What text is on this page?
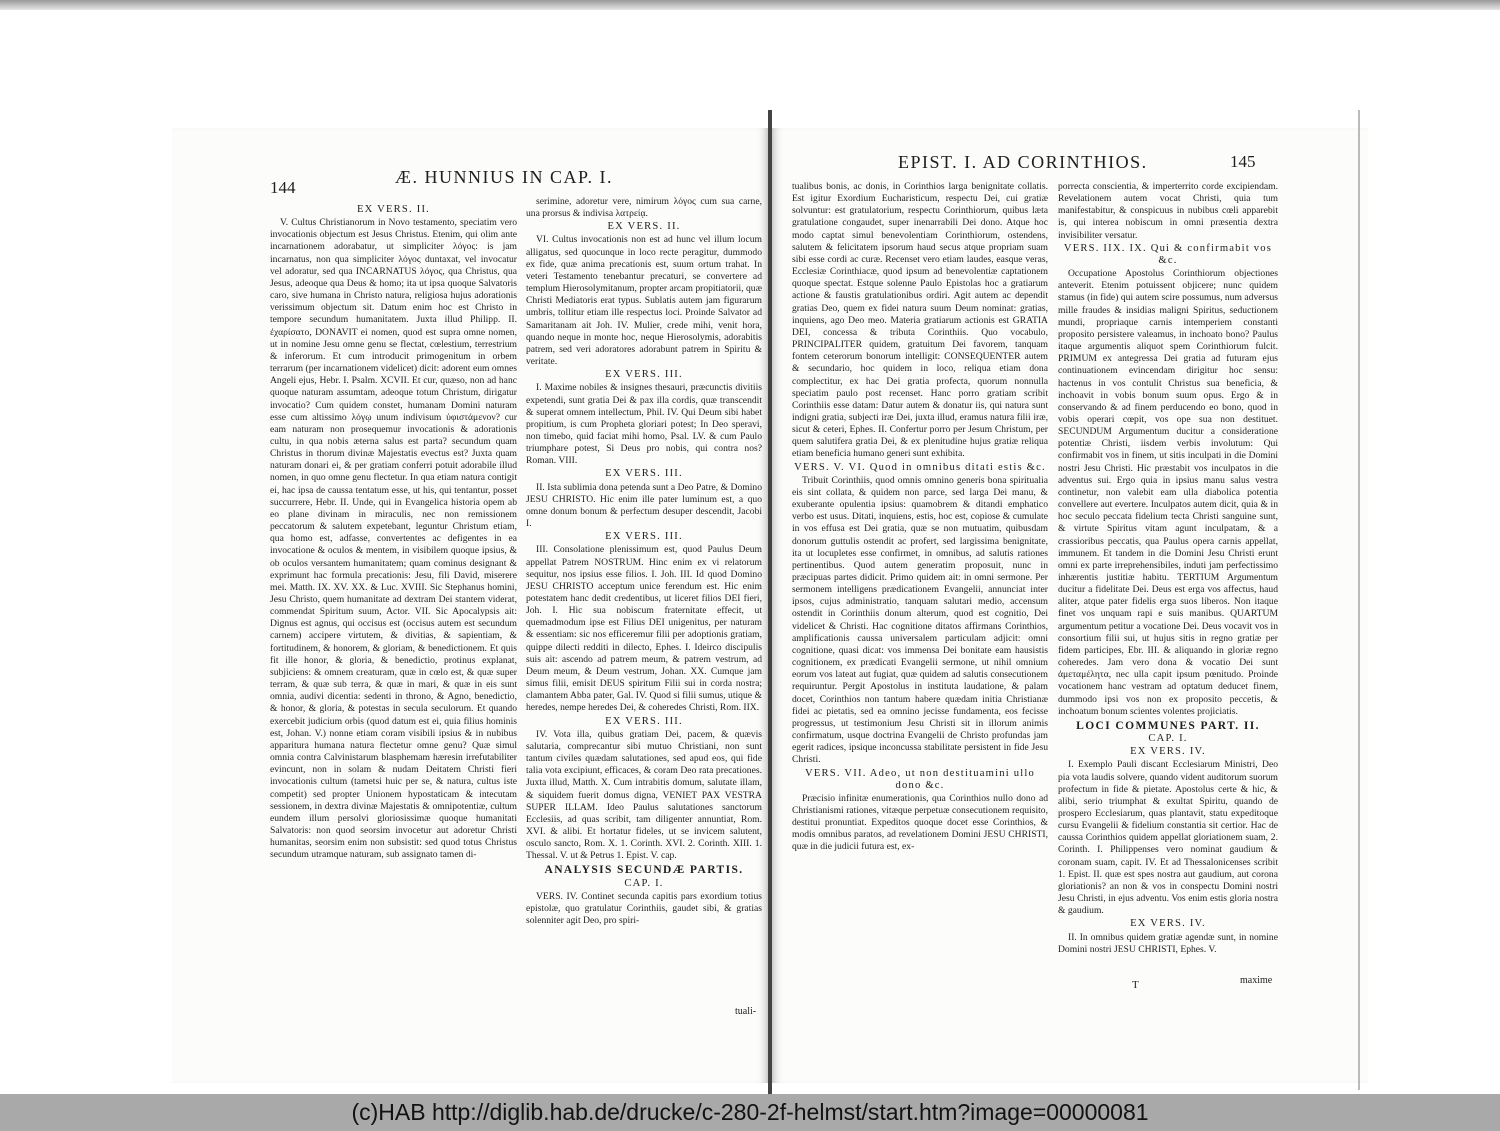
144
Æ. HUNNIUS IN CAP. I.
EX VERS. II.

V. Cultus Christianorum in Novo testamento, speciatim vero invocationis objectum est Jesus Christus. Etenim, qui olim ante incarnationem adorabatur, ut simpliciter λόγος: is jam incarnatus, non qua simpliciter λόγος duntaxat, vel invocatur vel adoratur, sed qua INCARNATUS λόγος, qua Christus, qua Jesus, adeoque qua Deus & homo; ita ut ipsa quoque Salvatoris caro, sive humana in Christo natura, religiosa hujus adorationis verissimum objectum sit. Datum enim hoc est Christo in tempore secundum humanitatem. Juxta illud Philipp. II. ἐχαρίσατο, DONAVIT ei nomen, quod est supra omne nomen, ut in nomine Jesu omne genu se flectat, cœlestium, terrestrium & inferorum. Et cum introducit primogenitum in orbem terrarum (per incarnationem videlicet) dicit: adorent eum omnes Angeli ejus, Hebr. I. Psalm. XCVII. Et cur, quæso, non ad hanc quoque naturam assumtam, adeoque totum Christum, dirigatur invocatio? Cum quidem constet, humanam Domini naturam esse cum altissimo λόγῳ unum indivisum ὑφιστάμενον? cur eam naturam non prosequemur invocationis & adorationis cultu, in qua nobis æterna salus est parta? secundum quam Christus in thorum divinæ Majestatis evectus est? Juxta quam naturam donari ei, & per gratiam conferri potuit adorabile illud nomen, in quo omne genu flectetur. In qua etiam natura contigit ei, hac ipsa de caussa tentatum esse, ut his, qui tentantur, posset succurrere, Hebr. II. Unde, qui in Evangelica historia opem ab eo plane divinam in miraculis, nec non remissionem peccatorum & salutem expetebant, leguntur Christum etiam, qua homo est, adfasse, convertentes ac defigentes in ea invocatione & oculos & mentem, in visibilem quoque ipsius, & ob oculos versantem humanitatem; quam cominus designant & exprimunt hac formula precationis: Jesu, fili David, miserere mei. Matth. IX. XV. XX. & Luc. XVIII. Sic Stephanus homini, Jesu Christo, quem humanitate ad dextram Dei stantem viderat, commendat Spiritum suum, Actor. VII. Sic Apocalypsis ait: Dignus est agnus, qui occisus est (occisus autem est secundum carnem) accipere virtutem, & divitias, & sapientiam, & fortitudinem, & honorem, & gloriam, & benedictionem. Et quis fit ille honor, & gloria, & benedictio, protinus explanat, subjiciens: & omnem creaturam, quæ in cœlo est, & quæ super terram, & quæ sub terra, & quæ in mari, & quæ in eis sunt omnia, audivi dicentia: sedenti in throno, & Agno, benedictio, & honor, & gloria, & potestas in secula seculorum. Et quando exercebit judicium orbis (quod datum est ei, quia filius hominis est, Johan. V.) nonne etiam coram visibili ipsius & in nubibus apparitura humana natura flectetur omne genu? Quæ simul omnia contra Calvinistarum blasphemam hæresin irrefutabiliter evincunt, non in solam & nudam Deitatem Christi fieri invocationis cultum (tametsi huic per se, & natura, cultus iste competit) sed propter Unionem hypostaticam & intecutam sessionem, in dextra divinæ Majestatis & omnipotentiæ, cultum eundem illum persolvi gloriosissimæ quoque humanitati Salvatoris: non quod seorsim invocetur aut adoretur Christi humanitas, seorsim enim non subsistit: sed quod totus Christus secundum utramque naturam, sub assignato tamen di-

serimine, adoretur vere, nimirum λόγος cum sua carne, una prorsus & indivisa λατρείᾳ.

EX VERS. II.

VI. Cultus invocationis non est ad hunc vel illum locum alligatus, sed quocunque in loco recte peragitur, dummodo ex fide, quæ anima precationis est, suum ortum trahat. In veteri Testamento tenebantur precaturi, se convertere ad templum Hierosolymitanum, propter arcam propitiatorii, quæ Christi Mediatoris erat typus. Sublatis autem jam figurarum umbris, tollitur etiam ille respectus loci. Proinde Salvator ad Samaritanam ait Joh. IV. Mulier, crede mihi, venit hora, quando neque in monte hoc, neque Hierosolymis, adorabitis patrem, sed veri adoratores adorabunt patrem in Spiritu & veritate.

EX VERS. III.

I. Maxime nobiles & insignes thesauri, præcunctis divitiis expetendi, sunt gratia Dei & pax illa cordis, quæ transcendit & superat omnem intellectum, Phil. IV. Qui Deum sibi habet propitium, is cum Propheta gloriari potest; In Deo speravi, non timebo, quid faciat mihi homo, Psal. LV. & cum Paulo triumphare potest, Si Deus pro nobis, qui contra nos? Roman. VIII.

EX VERS. III.

II. Ista sublimia dona petenda sunt a Deo Patre, & Domino JESU CHRISTO. Hic enim ille pater luminum est, a quo omne donum bonum & perfectum desuper descendit, Jacobi I.

EX VERS. III.

III. Consolatione plenissimum est, quod Paulus Deum appellat Patrem NOSTRUM. Hinc enim ex vi relatorum sequitur, nos ipsius esse filios. I. Joh. III. Id quod Domino JESU CHRISTO acceptum unice ferendum est. Hic enim potestatem hanc dedit credentibus, ut liceret filios DEI fieri, Joh. I. Hic sua nobiscum fraternitate effecit, ut quemadmodum ipse est Filius DEI unigenitus, per naturam & essentiam: sic nos efficeremur filii per adoptionis gratiam, quippe dilecti redditi in dilecto, Ephes. I. Ideirco discipulis suis ait: ascendo ad patrem meum, & patrem vestrum, ad Deum meum, & Deum vestrum, Johan. XX. Cumque jam simus filii, emisit DEUS spiritum Filii sui in corda nostra; clamantem Abba pater, Gal. IV. Quod si filii sumus, utique & heredes, nempe heredes Dei, & coheredes Christi, Rom. IIX.

EX VERS. III.

IV. Vota illa, quibus gratiam Dei, pacem, & quævis salutaria, comprecantur sibi mutuo Christiani, non sunt tantum civiles quædam salutationes, sed apud eos, qui fide talia vota excipiunt, efficaces, & coram Deo rata precationes. Juxta illud, Matth. X. Cum intrabitis domum, salutate illam, & siquidem fuerit domus digna, VENIET PAX VESTRA SUPER ILLAM. Ideo Paulus salutationes sanctorum Ecclesiis, ad quas scribit, tam diligenter annuntiat, Rom. XVI. & alibi. Et hortatur fideles, ut se invicem salutent, osculo sancto, Rom. X. 1. Corinth. XVI. 2. Corinth. XIII. 1. Thessal. V. ut & Petrus 1. Epist. V. cap.

ANALYSIS SECUNDÆ PARTIS.
CAP. I.

VERS. IV. Continet secunda capitis pars exordium totius epistolæ, quo gratulatur Corinthiis, gaudet sibi, & gratias solenniter agit Deo, pro spiri-

tuali-
EPIST. I. AD CORINTHIOS.	145

tualibus bonis, ac donis, in Corinthios larga benignitate collatis. Est igitur Exordium Eucharisticum, respectu Dei, cui gratiæ solvuntur: est gratulatorium, respectu Corinthiorum, quibus læta gratulatione congaudet, super inenarrabili Dei dono. Atque hoc modo captat simul benevolentiam Corinthiorum, ostendens, salutem & felicitatem ipsorum haud secus atque propriam suam sibi esse cordi ac curæ. Recenset vero etiam laudes, easque veras, Ecclesiæ Corinthiacæ, quod ipsum ad benevolentiæ captationem quoque spectat. Estque solenne Paulo Epistolas hoc a gratiarum actione & faustis gratulationibus ordiri. Agit autem ac dependit gratias Deo, quem ex fidei natura suum Deum nominat: gratias, inquiens, ago Deo meo. Materia gratiarum actionis est GRATIA DEI, concessa & tributa Corinthiis. Quo vocabulo, PRINCIPALITER quidem, gratuitum Dei favorem, tanquam fontem ceterorum bonorum intelligit: CONSEQUENTER autem & secundario, hoc quidem in loco, reliqua etiam dona complectitur, ex hac Dei gratia profecta, quorum nonnulla speciatim paulo post recenset. Hanc porro gratiam scribit Corinthiis esse datam: Datur autem & donatur iis, qui natura sunt indigni gratia, subjecti iræ Dei, juxta illud, eramus natura filii iræ, sicut & ceteri, Ephes. II. Confertur porro per Jesum Christum, per quem salutifera gratia Dei, & ex plenitudine hujus gratiæ reliqua etiam beneficia humano generi sunt exhibita.

VERS. V. VI. Quod in omnibus ditati estis &c.

Tribuit Corinthiis, quod omnis omnino generis bona spiritualia eis sint collata, & quidem non parce, sed larga Dei manu, & exuberante opulentia ipsius: quamobrem & ditandi emphatico verbo est usus. Ditati, inquiens, estis, hoc est, copiose & cumulate in vos effusa est Dei gratia, quæ se non mutuatim, quibusdam donorum guttulis ostendit ac profert, sed largissima benignitate, ita ut locupletes esse confirmet, in omnibus, ad salutis rationes pertinentibus. Quod autem generatim proposuit, nunc in præcipuas partes didicit. Primo quidem ait: in omni sermone. Per sermonem intelligens prædicationem Evangelii, annunciat inter ipsos, cujus administratio, tanquam salutari medio, accensum ostendit in Corinthiis donum alterum, quod est cognitio, Dei videlicet & Christi. Hac cognitione ditatos affirmans Corinthios, amplificationis caussa universalem particulam adjicit: omni cognitione, quasi dicat: vos immensa Dei bonitate eam hausistis cognitionem, ex prædicati Evangelii sermone, ut nihil omnium eorum vos lateat aut fugiat, quæ quidem ad salutis consecutionem requiruntur. Pergit Apostolus in instituta laudatione, & palam docet, Corinthios non tantum habere quædam initia Christianæ fidei ac pietatis, sed ea omnino jecisse fundamenta, eos fecisse progressus, ut testimonium Jesu Christi sit in illorum animis confirmatum, usque doctrina Evangelii de Christo profundas jam egerit radices, ipsique inconcussa stabilitate persistent in fide Jesu Christi.

VERS. VII. Adeo, ut non destituamini ullo dono &c.

Præcisio infinitæ enumerationis, qua Corinthios nullo dono ad Christianismi rationes, vitæque perpetuæ consecutionem requisito, destitui pronuntiat. Expeditos quoque docet esse Corinthios, & modis omnibus paratos, ad revelationem Domini JESU CHRISTI, quæ in die judicii futura est, ex-

porrecta conscientia, & imperterrito corde excipiendam. Revelationem autem vocat Christi, quia tum manifestabitur, & conspicuus in nubibus cœli apparebit is, qui interea nobiscum in omni præsentia dextra invisibiliter versatur.

VERS. IIX. IX. Qui & confirmabit vos &c.

Occupatione Apostolus Corinthiorum objectiones anteverit. Etenim potuissent objicere; nunc quidem stamus (in fide) qui autem scire possumus, num adversus mille fraudes & insidias maligni Spiritus, seductionem mundi, propriaque carnis intemperiem constanti proposito persistere valeamus, in inchoato bono? Paulus itaque argumentis aliquot spem Corinthiorum fulcit. PRIMUM ex antegressa Dei gratia ad futuram ejus continuationem evincendam dirigitur hoc sensu: hactenus in vos contulit Christus sua beneficia, & inchoavit in vobis bonum suum opus. Ergo & in conservando & ad finem perducendo eo bono, quod in vobis operari cœpit, vos ope sua non destituet. SECUNDUM Argumentum ducitur a consideratione potentiæ Christi, iisdem verbis involutum: Qui confirmabit vos in finem, ut sitis inculpati in die Domini nostri Jesu Christi. Hic præstabit vos inculpatos in die adventus sui. Ergo quia in ipsius manu salus vestra continetur, non valebit eam ulla diabolica potentia convellere aut evertere. Inculpatos autem dicit, quia & in hoc seculo peccata fidelium tecta Christi sanguine sunt, & virtute Spiritus vitam agunt inculpatam, & a crassioribus peccatis, qua Paulus opera carnis appellat, immunem. Et tandem in die Domini Jesu Christi erunt omni ex parte irreprehensibiles, induti jam perfectissimo inhærentis justitiæ habitu. TERTIUM Argumentum ducitur a fidelitate Dei. Deus est erga vos affectus, haud aliter, atque pater fidelis erga suos liberos. Non itaque finet vos unquam rapi e suis manibus. QUARTUM argumentum petitur a vocatione Dei. Deus vocavit vos in consortium filii sui, ut hujus sitis in regno gratiæ per fidem participes, Ebr. III. & aliquando in gloriæ regno coheredes. Jam vero dona & vocatio Dei sunt ἀμεταμέλητα, nec ulla capit ipsum pœnitudo. Proinde vocationem hanc vestram ad optatum deducet finem, dummodo ipsi vos non ex proposito peccetis, & inchoatum bonum scientes volentes projiciatis.

LOCI COMMUNES PART. II.
CAP. I.
EX VERS. IV.

I. Exemplo Pauli discant Ecclesiarum Ministri, Deo pia vota laudis solvere, quando vident auditorum suorum profectum in fide & pietate. Apostolus certe & hic, & alibi, serio triumphat & exultat Spiritu, quando de prospero Ecclesiarum, quas plantavit, statu expeditoque cursu Evangelii & fidelium constantia sit certior. Hac de caussa Corinthios quidem appellat gloriationem suam, 2. Corinth. I. Philippenses vero nominat gaudium & coronam suam, capit. IV. Et ad Thessalonicenses scribit 1. Epist. II. quæ est spes nostra aut gaudium, aut corona gloriationis? an non & vos in conspectu Domini nostri Jesu Christi, in ejus adventu. Vos enim estis gloria nostra & gaudium.

EX VERS. IV.

II. In omnibus quidem gratiæ agendæ sunt, in nomine Domini nostri JESU CHRISTI, Ephes. V.

T	maxime
(c)HAB http://diglib.hab.de/drucke/c-280-2f-helmst/start.htm?image=00000081
